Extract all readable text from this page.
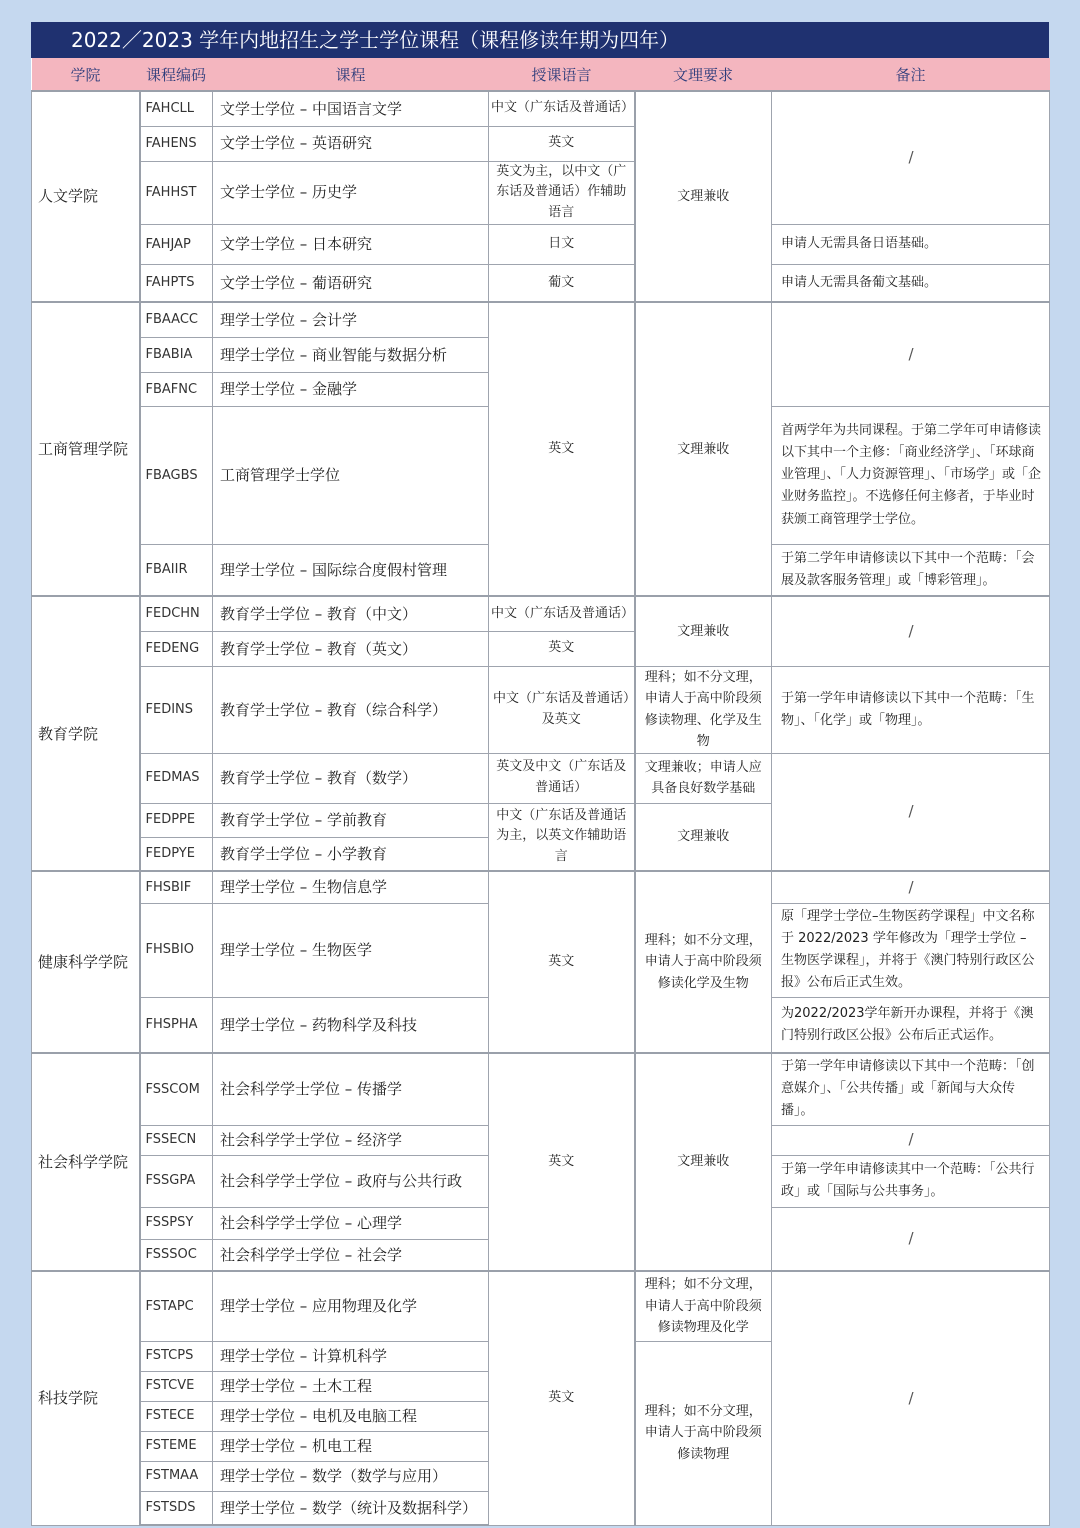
2022／2023 学年内地招生之学士学位课程（课程修读年期为四年）
学院	课程编码	课程	授课语言	文理要求	备注
人文学院	FAHCLL	文学士学位 – 中国语言文学	中文（广东话及普通话）	文理兼收	/
	FAHENS	文学士学位 – 英语研究	英文		
	FAHHST	文学士学位 – 历史学	英文为主，以中文（广东话及普通话）作辅助语言		
	FAHJAP	文学士学位 – 日本研究	日文		申请人无需具备日语基础。
	FAHPTS	文学士学位 – 葡语研究	葡文		申请人无需具备葡文基础。
工商管理学院	FBAACC	理学士学位 – 会计学	英文	文理兼收	/
	FBABIA	理学士学位 – 商业智能与数据分析			
	FBAFNC	理学士学位 – 金融学			
	FBAGBS	工商管理学士学位			首两学年为共同课程。于第二学年可申请修读以下其中一个主修：「商业经济学」、「环球商业管理」、「人力资源管理」、「市场学」或「企业财务监控」。不选修任何主修者，于毕业时获颁工商管理学士学位。
	FBAIIR	理学士学位 – 国际综合度假村管理			于第二学年申请修读以下其中一个范畴：「会展及款客服务管理」或「博彩管理」。
教育学院	FEDCHN	教育学士学位 – 教育（中文）	中文（广东话及普通话）	文理兼收	/
	FEDENG	教育学士学位 – 教育（英文）	英文		
	FEDINS	教育学士学位 – 教育（综合科学）	中文（广东话及普通话）及英文	理科；如不分文理，申请人于高中阶段须修读物理、化学及生物	于第一学年申请修读以下其中一个范畴：「生物」、「化学」或「物理」。
	FEDMAS	教育学士学位 – 教育（数学）	英文及中文（广东话及普通话）	文理兼收；申请人应具备良好数学基础	/
	FEDPPE	教育学士学位 – 学前教育	中文（广东话及普通话为主，以英文作辅助语言	文理兼收	
	FEDPYE	教育学士学位 – 小学教育			
健康科学学院	FHSBIF	理学士学位 – 生物信息学	英文	理科；如不分文理，申请人于高中阶段须修读化学及生物	/
	FHSBIO	理学士学位 – 生物医学			原「理学士学位–生物医药学课程」中文名称于 2022/2023 学年修改为「理学士学位 – 生物医学课程」，并将于《澳门特别行政区公报》公布后正式生效。
	FHSPHA	理学士学位 – 药物科学及科技			为2022/2023学年新开办课程，并将于《澳门特别行政区公报》公布后正式运作。
社会科学学院	FSSCOM	社会科学学士学位 – 传播学	英文	文理兼收	于第一学年申请修读以下其中一个范畴：「创意媒介」、「公共传播」或「新闻与大众传播」。
	FSSECN	社会科学学士学位 – 经济学			/
	FSSGPA	社会科学学士学位 – 政府与公共行政			于第一学年申请修读其中一个范畴：「公共行政」或「国际与公共事务」。
	FSSPSY	社会科学学士学位 – 心理学			/
	FSSSOC	社会科学学士学位 – 社会学			
科技学院	FSTAPC	理学士学位 – 应用物理及化学	英文	理科；如不分文理，申请人于高中阶段须修读物理及化学	/
	FSTCPS	理学士学位 – 计算机科学		理科；如不分文理，申请人于高中阶段须修读物理	
	FSTCVE	理学士学位 – 土木工程			
	FSTECE	理学士学位 – 电机及电脑工程			
	FSTEME	理学士学位 – 机电工程			
	FSTMAA	理学士学位 – 数学（数学与应用）			
	FSTSDS	理学士学位 – 数学（统计及数据科学）			
